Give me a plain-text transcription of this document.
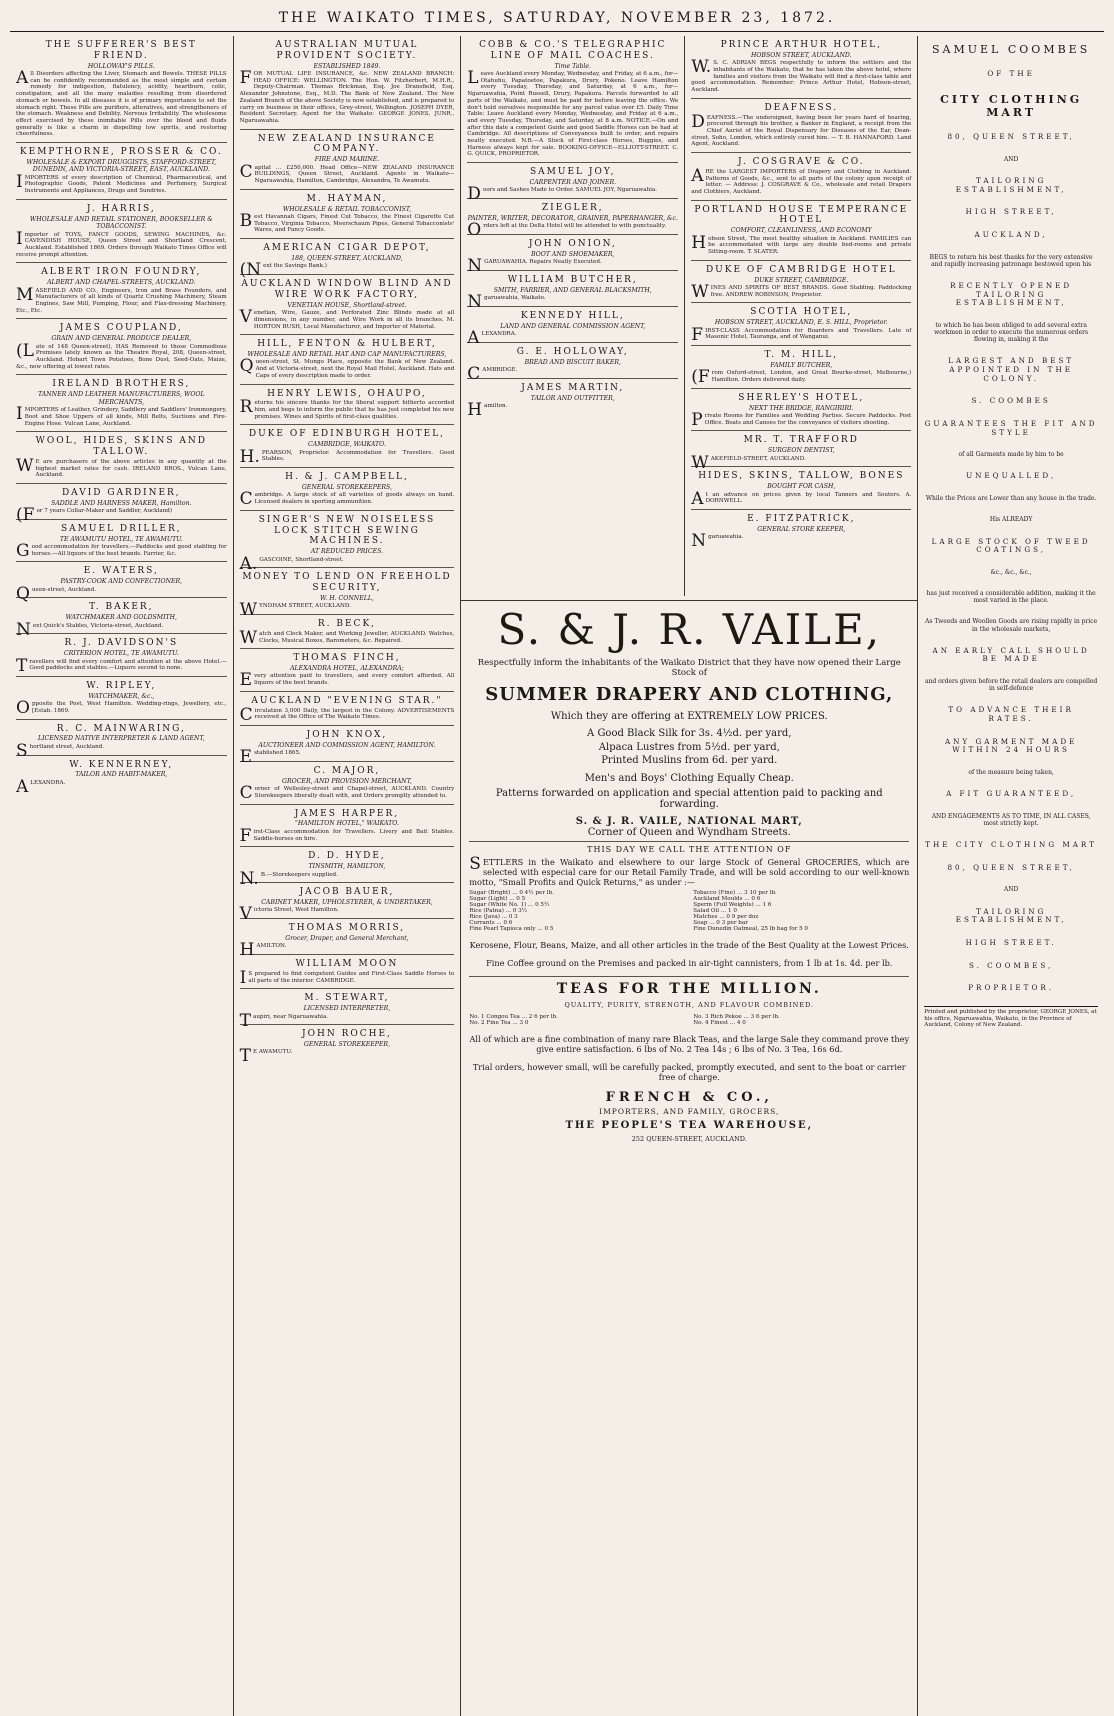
THE WAIKATO TIMES, SATURDAY, NOVEMBER 23, 1872.
THE SUFFERER'S BEST FRIEND.
HOLLOWAY'S PILLS.
All Disorders affecting the Liver, Stomach and Bowels. THESE PILLS can be confidently recommended as the most simple and certain remedy for indigestion, flatulency, acidity, heartburn, colic, constipation, and all the many maladies resulting from disordered stomach or bowels. In all diseases it is of primary importance to set the stomach right. These Pills are purifiers, alteratives, and strengtheners of the stomach. Weakness and Debility, Nervous Irritability. The wholesome effect exercised by these inimitable Pills over the blood and fluids generally is like a charm in dispelling low spirits, and restoring cheerfulness.
KEMPTHORNE, PROSSER & CO.
WHOLESALE & EXPORT DRUGGISTS, STAFFORD-STREET, DUNEDIN, AND VICTORIA-STREET, EAST, AUCKLAND.
IMPORTERS of every description of Chemical, Pharmaceutical, and Photographic Goods, Patent Medicines and Perfumery, Surgical Instruments and Appliances, Drugs and Sundries.
J. HARRIS,
WHOLESALE AND RETAIL STATIONER, BOOKSELLER & TOBACCONIST.
Importer of TOYS, FANCY GOODS, SEWING MACHINES, &c. CAVENDISH HOUSE, Queen Street and Shortland Crescent, Auckland. Established 1869. Orders through Waikato Times Office will receive prompt attention.
ALBERT IRON FOUNDRY,
ALBERT AND CHAPEL-STREETS, AUCKLAND.
MASEFIELD AND CO., Engineers, Iron and Brass Founders, and Manufacturers of all kinds of Quartz Crushing Machinery, Steam Engines, Saw Mill, Pumping, Flour, and Flax-dressing Machinery, Etc., Etc.
JAMES COUPLAND,
GRAIN AND GENERAL PRODUCE DEALER,
(Late of 148 Queen-street), HAS Removed to those Commodious Premises lately known as the Theatre Royal, 208, Queen-street, Auckland. Hobart Town Potatoes, Bone Dust, Seed-Oats, Maize, &c., now offering at lowest rates.
IRELAND BROTHERS,
TANNER AND LEATHER MANUFACTURERS, WOOL MERCHANTS,
IMPORTERS of Leather, Grindery, Saddlery and Saddlers' Ironmongery, Boot and Shoe Uppers of all kinds, Mill Belts, Suctions and Fire-Engine Hose. Vulcan Lane, Auckland.
WOOL, HIDES, SKINS AND TALLOW.
WE are purchasers of the above articles in any quantity at the highest market rates for cash. IRELAND BROS., Vulcan Lane, Auckland.
DAVID GARDINER,
SADDLE AND HARNESS MAKER, Hamilton.
(For 7 years Collar-Maker and Saddler, Auckland)
SAMUEL DRILLER,
TE AWAMUTU HOTEL, TE AWAMUTU.
Good accommodation for travellers.—Paddocks and good stabling for horses.—All liquors of the best brands. Farrier, &c.
E. WATERS,
PASTRY-COOK AND CONFECTIONER,
Queen-street, Auckland.
T. BAKER,
WATCHMAKER AND GOLDSMITH,
Next Quick's Stables, Victoria-street, Auckland.
R. J. DAVIDSON'S
CRITERION HOTEL, TE AWAMUTU.
Travellers will find every comfort and attention at the above Hotel.—Good paddocks and stables.—Liquors second to none.
W. RIPLEY,
WATCHMAKER, &c.,
Opposite the Post, West Hamilton. Wedding-rings, Jewellery, etc., [Estab. 1869.
R. C. MAINWARING,
LICENSED NATIVE INTERPRETER & LAND AGENT,
Shortland street, Auckland.
W. KENNERNEY,
TAILOR AND HABIT-MAKER,
ALEXANDRA.
AUSTRALIAN MUTUAL PROVIDENT SOCIETY.
ESTABLISHED 1849.
FOR MUTUAL LIFE INSURANCE, &c. NEW ZEALAND BRANCH: HEAD OFFICE: WELLINGTON. The Hon. W. Fitzherbert, M.H.R., Deputy-Chairman. Thomas Brickman, Esq. Joe Dransfield, Esq. Alexander Johnstone, Esq., M.D. The Bank of New Zealand. The New Zealand Branch of the above Society is now established, and is prepared to carry on business in their offices, Grey-street, Wellington. JOSEPH DYER, Resident Secretary. Agent for the Waikato: GEORGE JONES, JUNR., Ngaruawahia.
NEW ZEALAND INSURANCE COMPANY.
FIRE AND MARINE.
Capital ... £250,000. Head Office—NEW ZEALAND INSURANCE BUILDINGS, Queen Street, Auckland. Agents in Waikato—Ngaruawahia, Hamilton, Cambridge, Alexandra, Te Awamutu.
M. HAYMAN,
WHOLESALE & RETAIL TOBACCONIST,
Best Havannah Cigars, Finest Cut Tobacco, the Finest Cigarette Cut Tobacco, Virginia Tobacco, Meerschaum Pipes, General Tobacconists' Wares, and Fancy Goods.
AMERICAN CIGAR DEPOT,
188, QUEEN-STREET, AUCKLAND,
(Next the Savings Bank.)
AUCKLAND WINDOW BLIND AND WIRE WORK FACTORY,
VENETIAN HOUSE, Shortland-street.
Venetian, Wire, Gauze, and Perforated Zinc Blinds made at all dimensions, in any number, and Wire Work in all its branches. M. HORTON BUSH, Local Manufacturer, and Importer of Material.
HILL, FENTON & HULBERT,
WHOLESALE AND RETAIL HAT AND CAP MANUFACTURERS,
Queen-street, St. Mungo Place, opposite the Bank of New Zealand. And at Victoria-street, next the Royal Mail Hotel, Auckland. Hats and Caps of every description made to order.
HENRY LEWIS, OHAUPO,
Returns his sincere thanks for the liberal support hitherto accorded him, and begs to inform the public that he has just completed his new premises. Wines and Spirits of first-class qualities.
DUKE OF EDINBURGH HOTEL,
CAMBRIDGE, WAIKATO.
H.PEARSON, Proprietor. Accommodation for Travellers. Good Stables.
H. & J. CAMPBELL,
GENERAL STOREKEEPERS,
Cambridge. A large stock of all varieties of goods always on hand. Licensed dealers in sporting ammunition.
SINGER'S NEW NOISELESS LOCK STITCH SEWING MACHINES.
AT REDUCED PRICES.
A.GASCOINE, Shortland-street.
MONEY TO LEND ON FREEHOLD SECURITY,
W. H. CONNELL,
WYNDHAM STREET, AUCKLAND.
R. BECK,
Watch and Clock Maker, and Working Jeweller, AUCKLAND. Watches, Clocks, Musical Boxes, Barometers, &c. Repaired.
THOMAS FINCH,
ALEXANDRA HOTEL, ALEXANDRA;
Every attention paid to travellers, and every comfort afforded. All liquors of the best brands.
AUCKLAND "EVENING STAR."
Circulation 3,000 Daily, the largest in the Colony. ADVERTISEMENTS received at the Office of The Waikato Times.
JOHN KNOX,
AUCTIONEER AND COMMISSION AGENT, HAMILTON.
Established 1865.
C. MAJOR,
GROCER, AND PROVISION MERCHANT,
Corner of Wellesley-street and Chapel-street, AUCKLAND. Country Storekeepers liberally dealt with, and Orders promptly attended to.
JAMES HARPER,
"HAMILTON HOTEL," WAIKATO.
First-Class accommodation for Travellers. Livery and Bait Stables. Saddle-horses on hire.
D. D. HYDE,
TINSMITH, HAMILTON,
N.B.—Storekeepers supplied.
JACOB BAUER,
CABINET MAKER, UPHOLSTERER, & UNDERTAKER,
Victoria Street, West Hamilton.
THOMAS MORRIS,
Grocer, Draper, and General Merchant,
HAMILTON.
WILLIAM MOON
IS prepared to find competent Guides and First-Class Saddle Horses to all parts of the interior. CAMBRIDGE.
M. STEWART,
LICENSED INTERPRETER,
Taupiri, near Ngaruawahia.
JOHN ROCHE,
GENERAL STOREKEEPER,
TE AWAMUTU.
COBB & CO.'S TELEGRAPHIC LINE OF MAIL COACHES.
Time Table.
Leave Auckland every Monday, Wednesday, and Friday, at 6 a.m., for— Otahuhu, Papatoetoe, Papakura, Drury, Pokeno. Leave Hamilton every Tuesday, Thursday, and Saturday, at 6 a.m., for— Ngaruawahia, Point Russell, Drury, Papakura. Parcels forwarded to all parts of the Waikato, and must be paid for before leaving the office. We don't hold ourselves responsible for any parcel value over £5. Daily Time Table: Leave Auckland every Monday, Wednesday, and Friday at 6 a.m., and every Tuesday, Thursday, and Saturday, at 8 a.m. NOTICE.—On and after this date a competent Guide and good Saddle Horses can be had at Cambridge. All descriptions of Conveyances built to order, and repairs neatly executed. N.B.—A Stock of First-class Horses, Buggies, and Harness always kept for sale. BOOKING-OFFICE—ELLIOTT-STREET. C. G. QUICK, PROPRIETOR.
SAMUEL JOY,
CARPENTER AND JOINER.
Doors and Sashes Made to Order. SAMUEL JOY, Ngaruawahia.
ZIEGLER,
PAINTER, WRITER, DECORATOR, GRAINER, PAPERHANGER, &c.
Orders left at the Delta Hotel will be attended to with punctuality.
JOHN ONION,
BOOT AND SHOEMAKER,
NGARUAWAHIA. Repairs Neatly Executed.
WILLIAM BUTCHER,
SMITH, FARRIER, AND GENERAL BLACKSMITH,
Ngaruawahia, Waikato.
KENNEDY HILL,
LAND AND GENERAL COMMISSION AGENT,
ALEXANDRA.
G. E. HOLLOWAY,
BREAD AND BISCUIT BAKER,
CAMBRIDGE.
JAMES MARTIN,
TAILOR AND OUTFITTER,
Hamilton.
PRINCE ARTHUR HOTEL,
HOBSON STREET, AUCKLAND.
W.S. C. ADRIAN BEGS respectfully to inform the settlers and the inhabitants of the Waikato, that he has taken the above hotel, where families and visitors from the Waikato will find a first-class table and good accommodation. Remember: Prince Arthur Hotel, Hobson-street, Auckland.
DEAFNESS.
DEAFNESS.—The undersigned, having been for years hard of hearing, procured through his brother, a Banker in England, a receipt from the Chief Aurist of the Royal Dispensary for Diseases of the Ear, Dean-street, Soho, London, which entirely cured him. — T. B. HANNAFORD, Land Agent, Auckland.
J. COSGRAVE & CO.
ARE the LARGEST IMPORTERS of Drapery and Clothing in Auckland. Patterns of Goods, &c., sent to all parts of the colony upon receipt of letter. — Address: J. COSGRAVE & Co., wholesale and retail Drapers and Clothiers, Auckland.
PORTLAND HOUSE TEMPERANCE HOTEL
COMFORT, CLEANLINESS, AND ECONOMY
Hobson Street, The most healthy situation in Auckland. FAMILIES can be accommodated with large airy double bed-rooms and private Sitting-room. T. SLATER.
DUKE OF CAMBRIDGE HOTEL
DUKE STREET, CAMBRIDGE.
WINES AND SPIRITS OF BEST BRANDS. Good Stabling. Paddocking free. ANDREW ROBINSON, Proprietor.
SCOTIA HOTEL,
HOBSON STREET, AUCKLAND, E. S. HILL, Proprietor.
FIRST-CLASS Accommodation for Boarders and Travellers. Late of Masonic Hotel, Tauranga, and of Wanganui.
T. M. HILL,
FAMILY BUTCHER,
(From Oxford-street, London, and Great Bourke-street, Melbourne,) Hamilton. Orders delivered daily.
SHERLEY'S HOTEL,
NEXT THE BRIDGE, RANGIRIRI.
Private Rooms for Families and Wedding Parties. Secure Paddocks. Post Office. Boats and Canoes for the conveyance of visitors shooting.
MR. T. TRAFFORD
SURGEON DENTIST,
WAKEFIELD-STREET, AUCKLAND.
HIDES, SKINS, TALLOW, BONES
BOUGHT FOR CASH,
At an advance on prices given by local Tanners and Souters. A. DORNWELL.
E. FITZPATRICK,
GENERAL STORE KEEPER,
Ngaruawahia.
S. & J. R. VAILE,
Respectfully inform the inhabitants of the Waikato District that they have now opened their Large Stock of
SUMMER DRAPERY AND CLOTHING,
Which they are offering at EXTREMELY LOW PRICES.
A Good Black Silk for 3s. 4½d. per yard,
Alpaca Lustres from 5½d. per yard,
Printed Muslins from 6d. per yard.
Men's and Boys' Clothing Equally Cheap.
Patterns forwarded on application and special attention paid to packing and forwarding.
S. & J. R. VAILE, NATIONAL MART,
Corner of Queen and Wyndham Streets.
THIS DAY WE CALL THE ATTENTION OF
SETTLERS in the Waikato and elsewhere to our large Stock of General GROCERIES, which are selected with especial care for our Retail Family Trade, and will be sold according to our well-known motto, "Small Profits and Quick Returns," as under :—
Sugar (Bright) ... 0 4½ per lb.
Sugar (Light) ... 0 5
Sugar (White No. 1) ... 0 5½
Rice (Patna) ... 0 3½
Rice (Java) ... 0 3
Currants ... 0 6
Fine Pearl Tapioca only ... 0 5
Tobacco (Fine) ... 3 10 per lb.
Auckland Moulds ... 0 6
Sperm (Full Weights) ... 1 6
Salad Oil ... 1 0
Matches ... 0 9 per doz
Soap ... 0 3 per bar
Fine Dunedin Oatmeal, 25 lb bag for 5 0
Kerosene, Flour, Beans, Maize, and all other articles in the trade of the Best Quality at the Lowest Prices.
Fine Coffee ground on the Premises and packed in air-tight cannisters, from 1 lb at 1s. 4d. per lb.
TEAS FOR THE MILLION.
QUALITY, PURITY, STRENGTH, AND FLAVOUR COMBINED.
No. 1 Congou Tea ... 2 6 per lb.
No. 2 Fine Tea ... 3 0
No. 3 Rich Pekoe ... 3 6 per lb.
No. 4 Finest ... 4 0
All of which are a fine combination of many rare Black Teas, and the large Sale they command prove they give entire satisfaction. 6 lbs of No. 2 Tea 14s ; 6 lbs of No. 3 Tea, 16s 6d.
Trial orders, however small, will be carefully packed, promptly executed, and sent to the boat or carrier free of charge.
FRENCH & CO.,
IMPORTERS, AND FAMILY, GROCERS,
THE PEOPLE'S TEA WAREHOUSE,
252 QUEEN-STREET, AUCKLAND.
SAMUEL COOMBES
OF THE
CITY CLOTHING MART
80, QUEEN STREET,
AND
TAILORING ESTABLISHMENT,
HIGH STREET,
AUCKLAND,
BEGS to return his best thanks for the very extensive and rapidly increasing patronage bestowed upon his
RECENTLY OPENED TAILORING ESTABLISHMENT,
to which he has been obliged to add several extra workmen in order to execute the numerous orders flowing in, making it the
LARGEST AND BEST APPOINTED IN THE COLONY.
S. COOMBES
GUARANTEES THE FIT AND STYLE
of all Garments made by him to be
UNEQUALLED,
While the Prices are Lower than any house in the trade.
His ALREADY
LARGE STOCK OF TWEED COATINGS,
&c., &c., &c.,
has just received a considerable addition, making it the most varied in the place.
As Tweeds and Woollen Goods are rising rapidly in price in the wholesale markets,
AN EARLY CALL SHOULD BE MADE
and orders given before the retail dealers are compelled in self-defence
TO ADVANCE THEIR RATES.
ANY GARMENT MADE WITHIN 24 HOURS
of the measure being taken,
A FIT GUARANTEED,
AND ENGAGEMENTS AS TO TIME, IN ALL CASES, most strictly kept.
THE CITY CLOTHING MART
80, QUEEN STREET,
AND
TAILORING ESTABLISHMENT,
HIGH STREET.
S. COOMBES,
PROPRIETOR.
Printed and published by the proprietor, GEORGE JONES, at his office, Ngaruawahia, Waikato, in the Province of Auckland, Colony of New Zealand.
